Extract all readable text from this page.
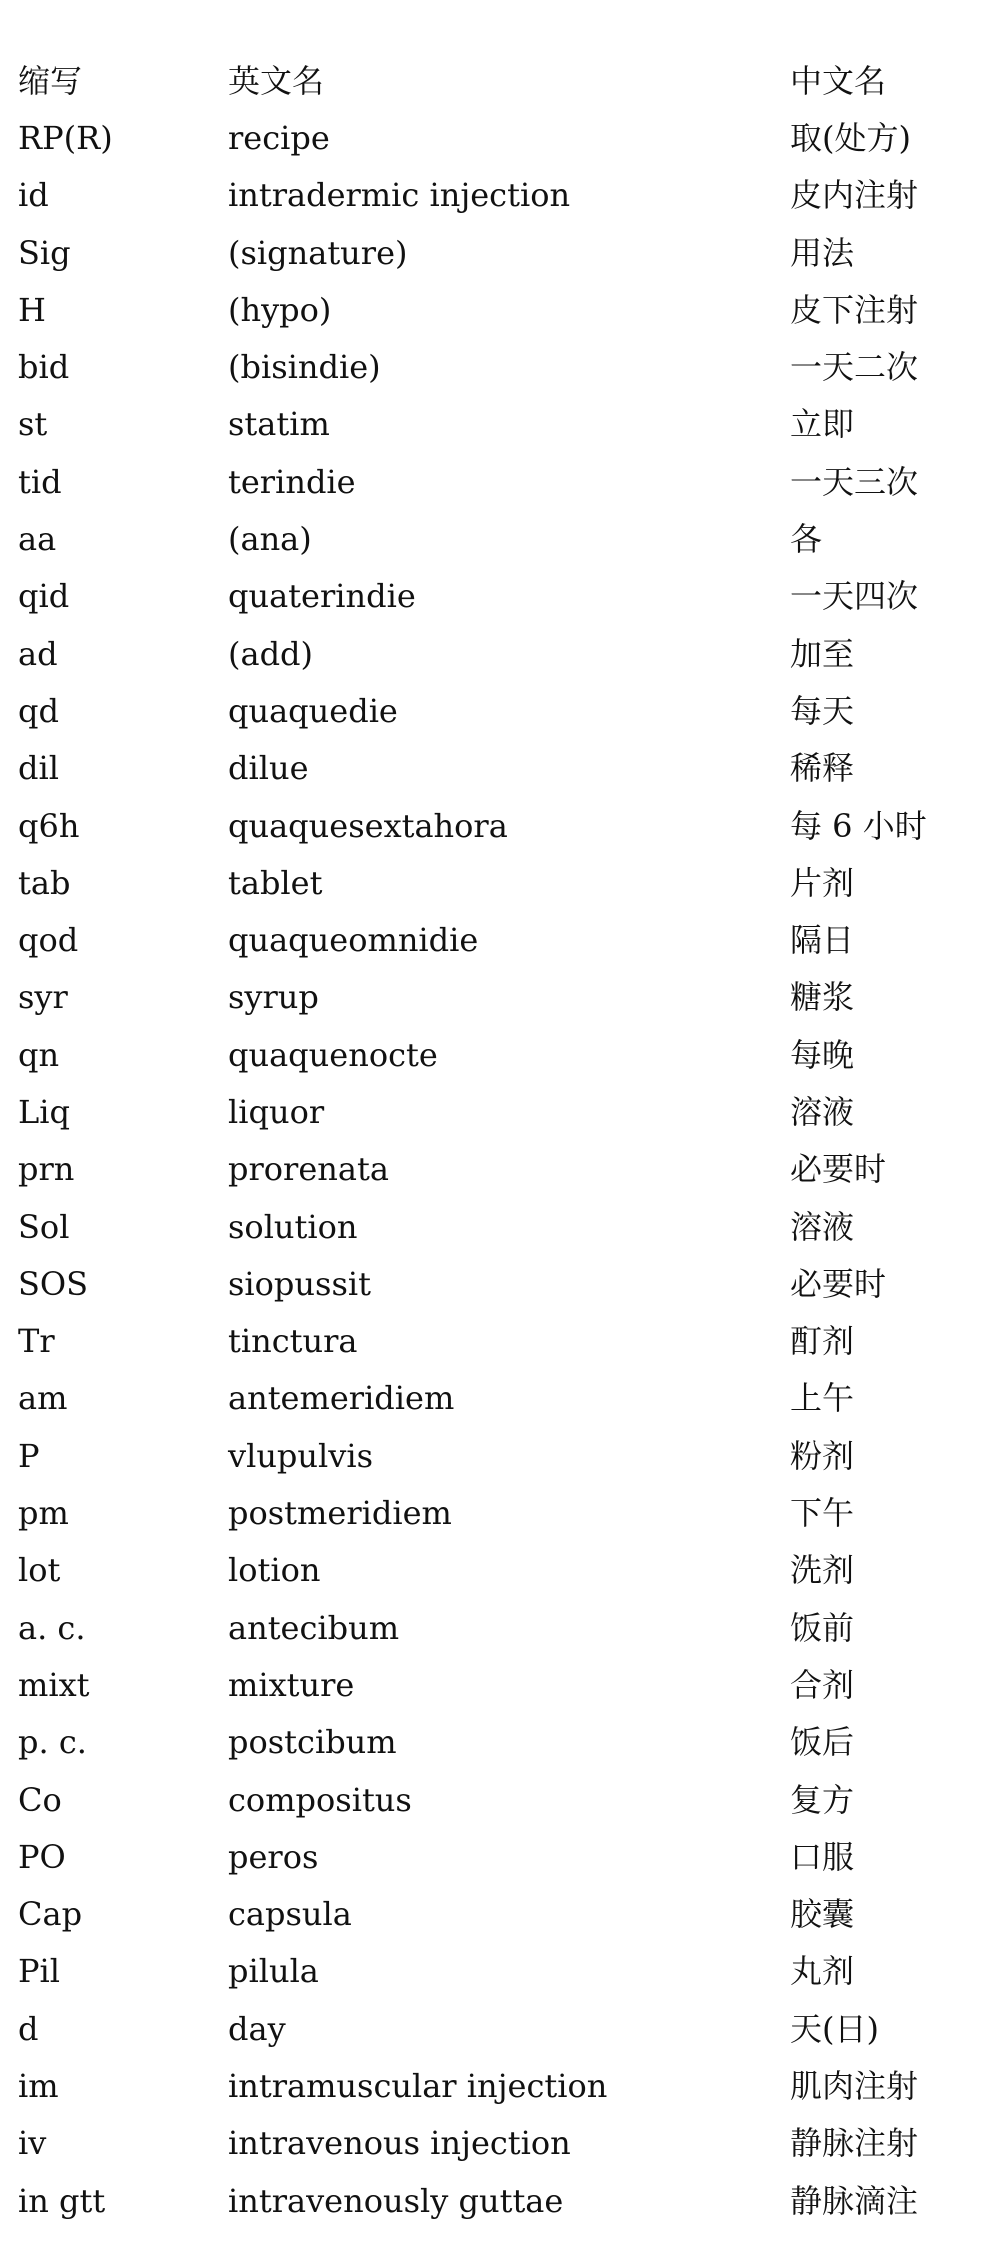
缩写	英文名	中文名
RP(R)	recipe	取(处方)
id	intradermic injection	皮内注射
Sig	(signature)	用法
H	(hypo)	皮下注射
bid	(bisindie)	一天二次
st	statim	立即
tid	terindie	一天三次
aa	(ana)	各
qid	quaterindie	一天四次
ad	(add)	加至
qd	quaquedie	每天
dil	dilue	稀释
q6h	quaquesextahora	每 6 小时
tab	tablet	片剂
qod	quaqueomnidie	隔日
syr	syrup	糖浆
qn	quaquenocte	每晚
Liq	liquor	溶液
prn	prorenata	必要时
Sol	solution	溶液
SOS	siopussit	必要时
Tr	tinctura	酊剂
am	antemeridiem	上午
P	vlupulvis	粉剂
pm	postmeridiem	下午
lot	lotion	洗剂
a. c.	antecibum	饭前
mixt	mixture	合剂
p. c.	postcibum	饭后
Co	compositus	复方
PO	peros	口服
Cap	capsula	胶囊
Pil	pilula	丸剂
d	day	天(日)
im	intramuscular injection	肌肉注射
iv	intravenous injection	静脉注射
in gtt	intravenously guttae	静脉滴注
